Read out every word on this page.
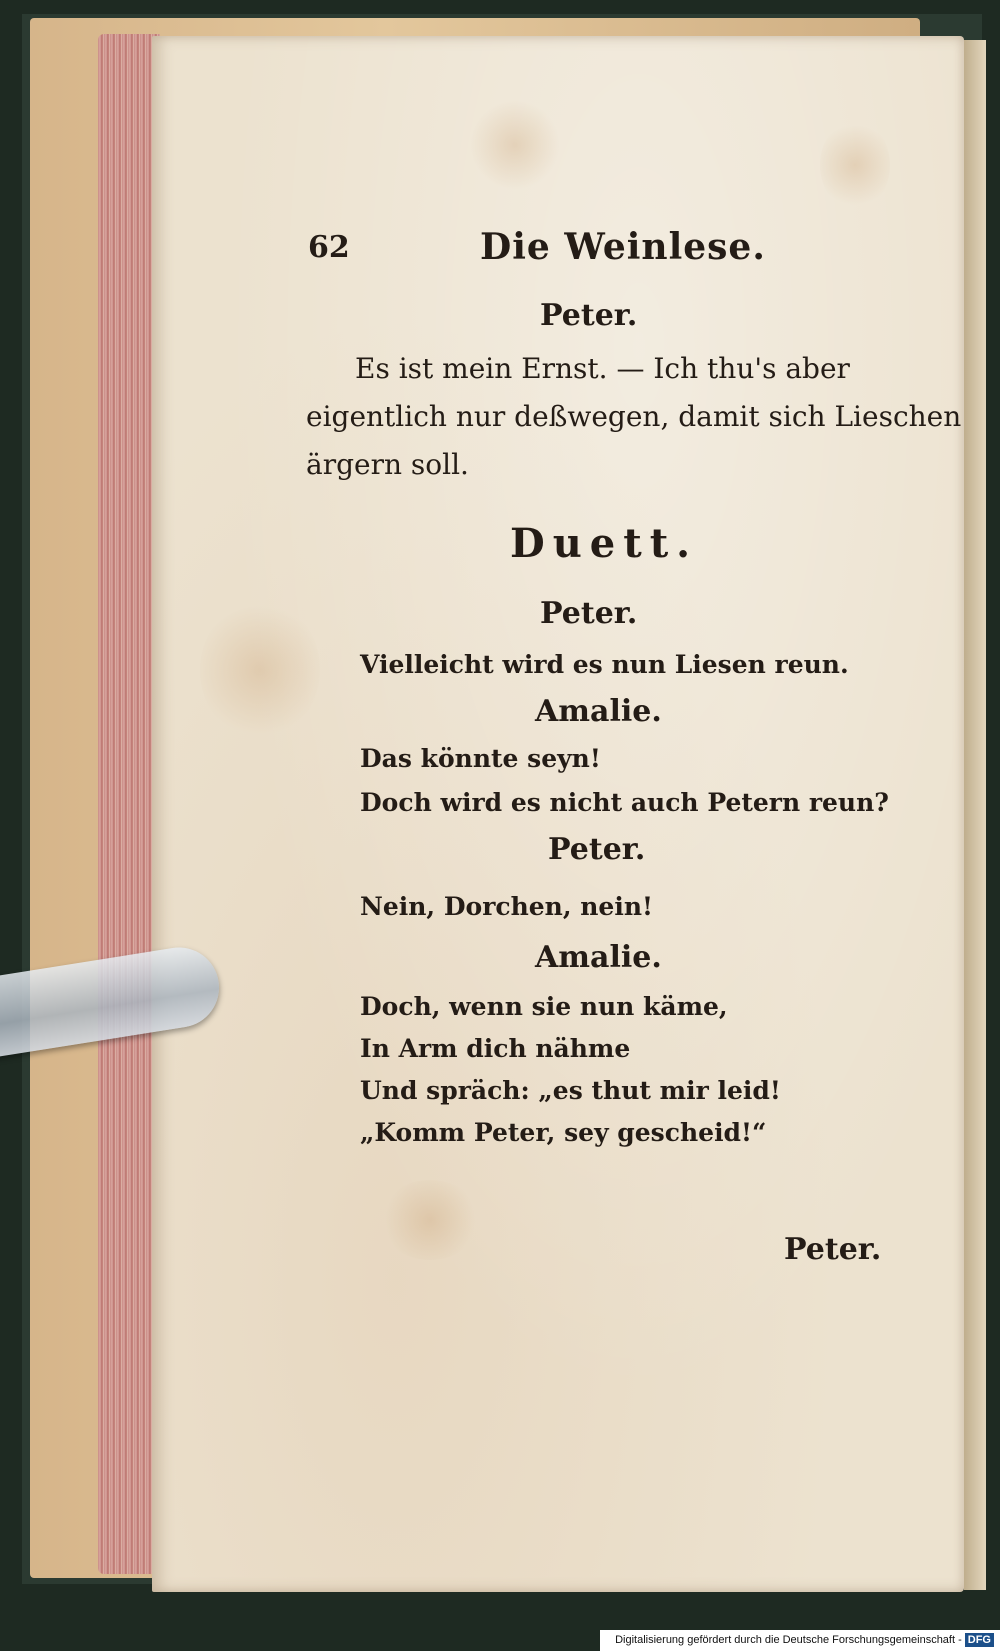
62	Die Weinlese.
Peter.
Es ist mein Ernst. — Ich thu's aber
eigentlich nur deßwegen, damit sich Lieschen
ärgern soll.
Duett.
Peter.
Vielleicht wird es nun Liesen reun.
Amalie.
Das könnte seyn!
Doch wird es nicht auch Petern reun?
Peter.
Nein, Dorchen, nein!
Amalie.
Doch, wenn sie nun käme,
In Arm dich nähme
Und spräch: „es thut mir leid!
„Komm Peter, sey gescheid!“
Peter.
Digitalisierung gefördert durch die Deutsche Forschungsgemeinschaft - DFG
